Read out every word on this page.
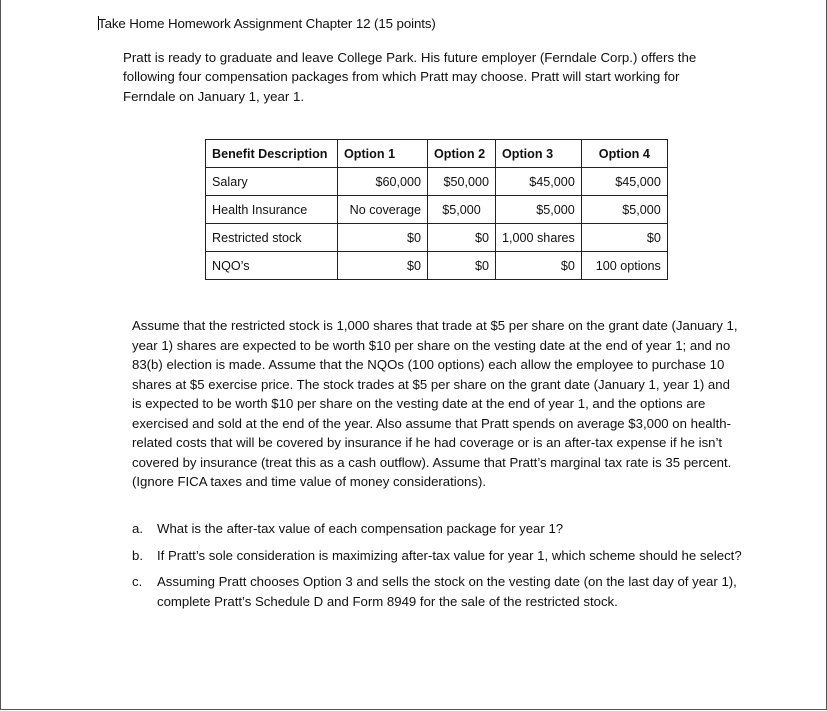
Take Home Homework Assignment Chapter 12 (15 points)
Pratt is ready to graduate and leave College Park. His future employer (Ferndale Corp.) offers the following four compensation packages from which Pratt may choose. Pratt will start working for Ferndale on January 1, year 1.
Benefit Description	Option 1	Option 2	Option 3	Option 4
Salary	$60,000	$50,000	$45,000	$45,000
Health Insurance	No coverage	$5,000	$5,000	$5,000
Restricted stock	$0	$0	1,000 shares	$0
NQO’s	$0	$0	$0	100 options
Assume that the restricted stock is 1,000 shares that trade at $5 per share on the grant date (January 1, year 1) shares are expected to be worth $10 per share on the vesting date at the end of year 1; and no 83(b) election is made. Assume that the NQOs (100 options) each allow the employee to purchase 10 shares at $5 exercise price. The stock trades at $5 per share on the grant date (January 1, year 1) and is expected to be worth $10 per share on the vesting date at the end of year 1, and the options are exercised and sold at the end of the year. Also assume that Pratt spends on average $3,000 on health-related costs that will be covered by insurance if he had coverage or is an after-tax expense if he isn’t covered by insurance (treat this as a cash outflow). Assume that Pratt’s marginal tax rate is 35 percent. (Ignore FICA taxes and time value of money considerations).
a.	What is the after-tax value of each compensation package for year 1?
b.	If Pratt’s sole consideration is maximizing after-tax value for year 1, which scheme should he select?
c.	Assuming Pratt chooses Option 3 and sells the stock on the vesting date (on the last day of year 1), complete Pratt’s Schedule D and Form 8949 for the sale of the restricted stock.
